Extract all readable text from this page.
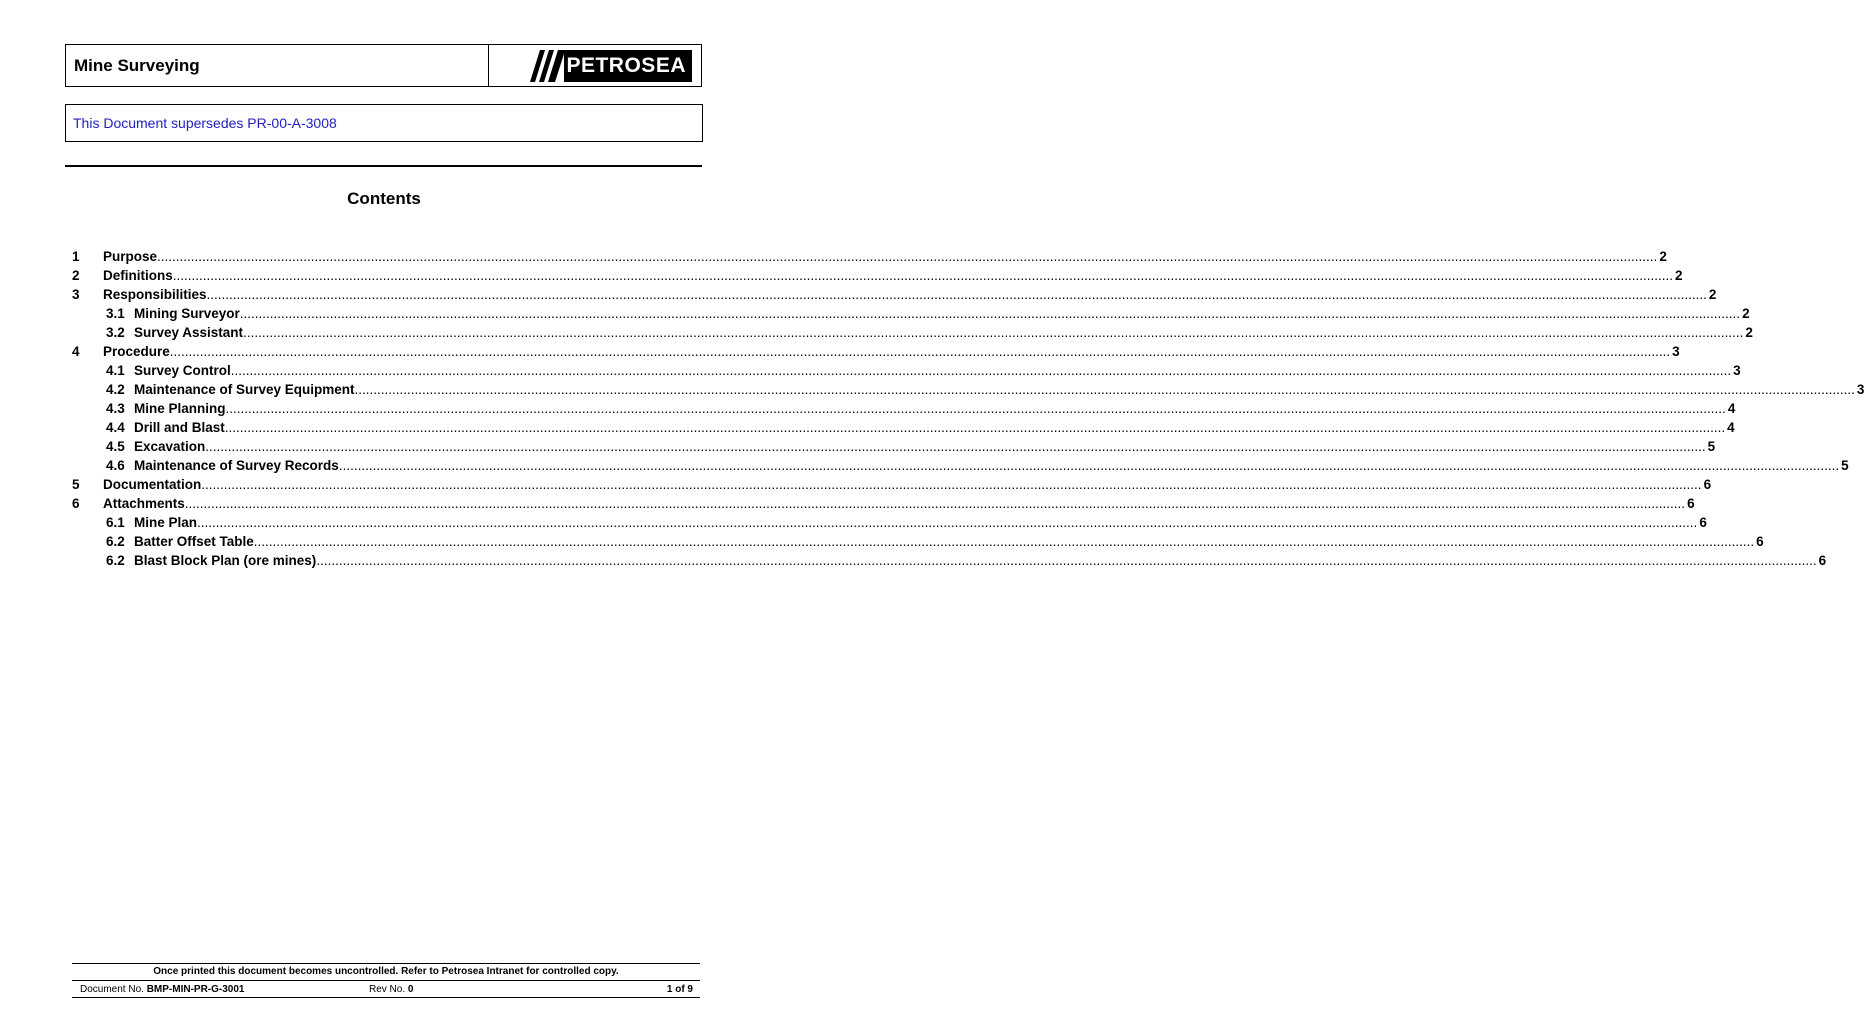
Mine Surveying	PETROSEA
This Document supersedes PR-00-A-3008
Contents
1	Purpose ................................................................................................................................................................................................................................................................................................................................................................................................................ 2
2	Definitions ................................................................................................................................................................................................................................................................................................................................................................................................................ 2
3	Responsibilities ................................................................................................................................................................................................................................................................................................................................................................................................................ 2
3.1 Mining Surveyor ................................................................................................................................................................................................................................................................................................................................................................................................................ 2
3.2 Survey Assistant ................................................................................................................................................................................................................................................................................................................................................................................................................ 2
4	Procedure ................................................................................................................................................................................................................................................................................................................................................................................................................ 3
4.1 Survey Control ................................................................................................................................................................................................................................................................................................................................................................................................................ 3
4.2 Maintenance of Survey Equipment ................................................................................................................................................................................................................................................................................................................................................................................................................ 3
4.3 Mine Planning ................................................................................................................................................................................................................................................................................................................................................................................................................ 4
4.4 Drill and Blast ................................................................................................................................................................................................................................................................................................................................................................................................................ 4
4.5 Excavation ................................................................................................................................................................................................................................................................................................................................................................................................................ 5
4.6 Maintenance of Survey Records ................................................................................................................................................................................................................................................................................................................................................................................................................ 5
5	Documentation ................................................................................................................................................................................................................................................................................................................................................................................................................ 6
6	Attachments ................................................................................................................................................................................................................................................................................................................................................................................................................ 6
6.1 Mine Plan ................................................................................................................................................................................................................................................................................................................................................................................................................ 6
6.2 Batter Offset Table ................................................................................................................................................................................................................................................................................................................................................................................................................ 6
6.2 Blast Block Plan (ore mines) ................................................................................................................................................................................................................................................................................................................................................................................................................ 6
Once printed this document becomes uncontrolled. Refer to Petrosea Intranet for controlled copy.
Document No. BMP-MIN-PR-G-3001	Rev No. 0	1 of 9
